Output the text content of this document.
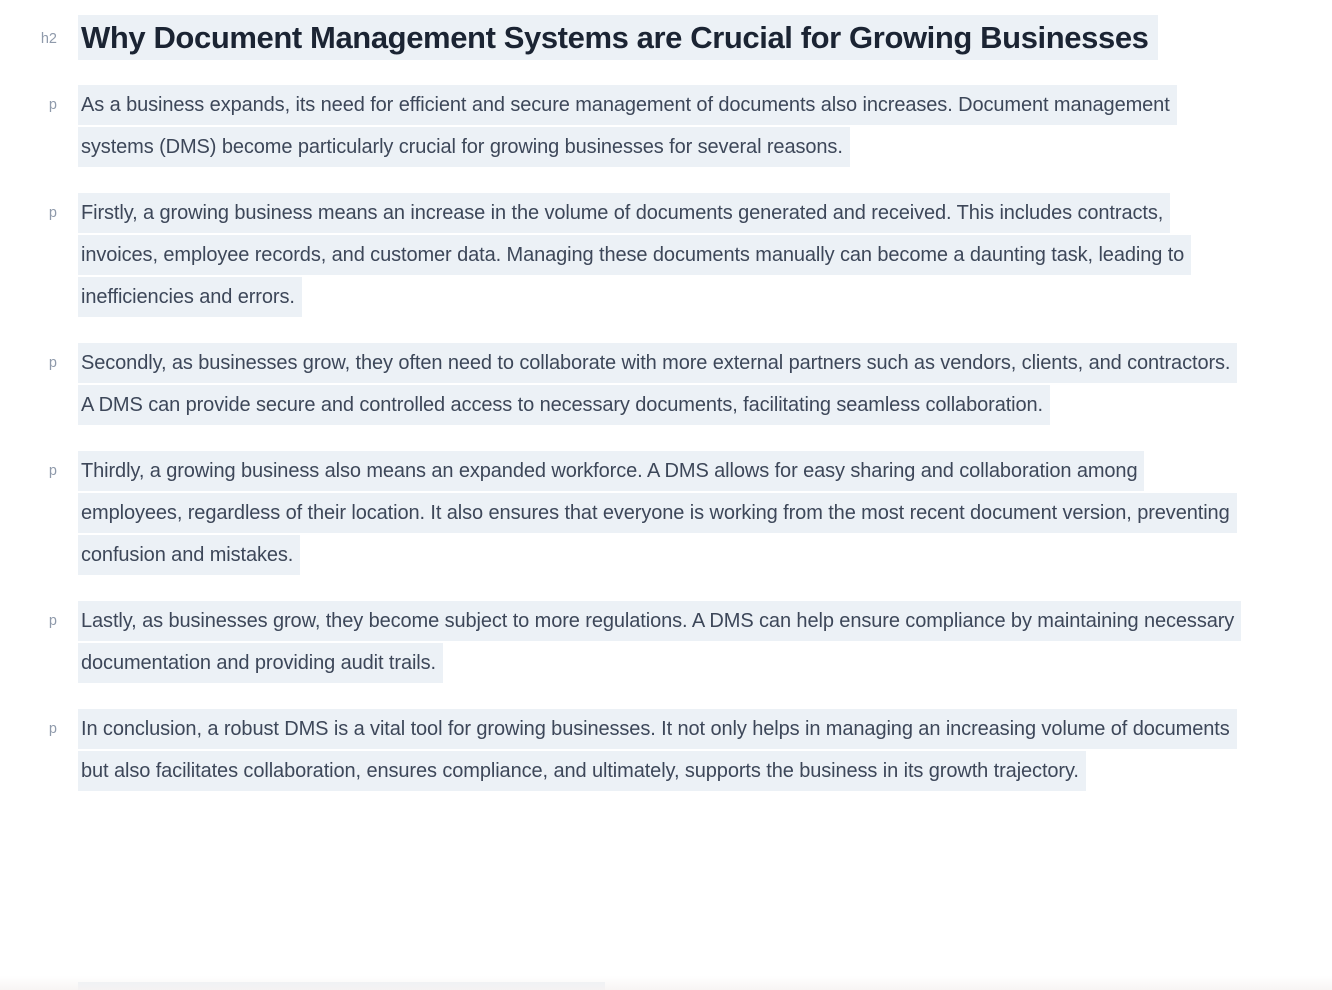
h2 Why Document Management Systems are Crucial for Growing Businesses
p As a business expands, its need for efficient and secure management of documents also increases. Document management systems (DMS) become particularly crucial for growing businesses for several reasons.
p Firstly, a growing business means an increase in the volume of documents generated and received. This includes contracts, invoices, employee records, and customer data. Managing these documents manually can become a daunting task, leading to inefficiencies and errors.
p Secondly, as businesses grow, they often need to collaborate with more external partners such as vendors, clients, and contractors. A DMS can provide secure and controlled access to necessary documents, facilitating seamless collaboration.
p Thirdly, a growing business also means an expanded workforce. A DMS allows for easy sharing and collaboration among employees, regardless of their location. It also ensures that everyone is working from the most recent document version, preventing confusion and mistakes.
p Lastly, as businesses grow, they become subject to more regulations. A DMS can help ensure compliance by maintaining necessary documentation and providing audit trails.
p In conclusion, a robust DMS is a vital tool for growing businesses. It not only helps in managing an increasing volume of documents but also facilitates collaboration, ensures compliance, and ultimately, supports the business in its growth trajectory.
